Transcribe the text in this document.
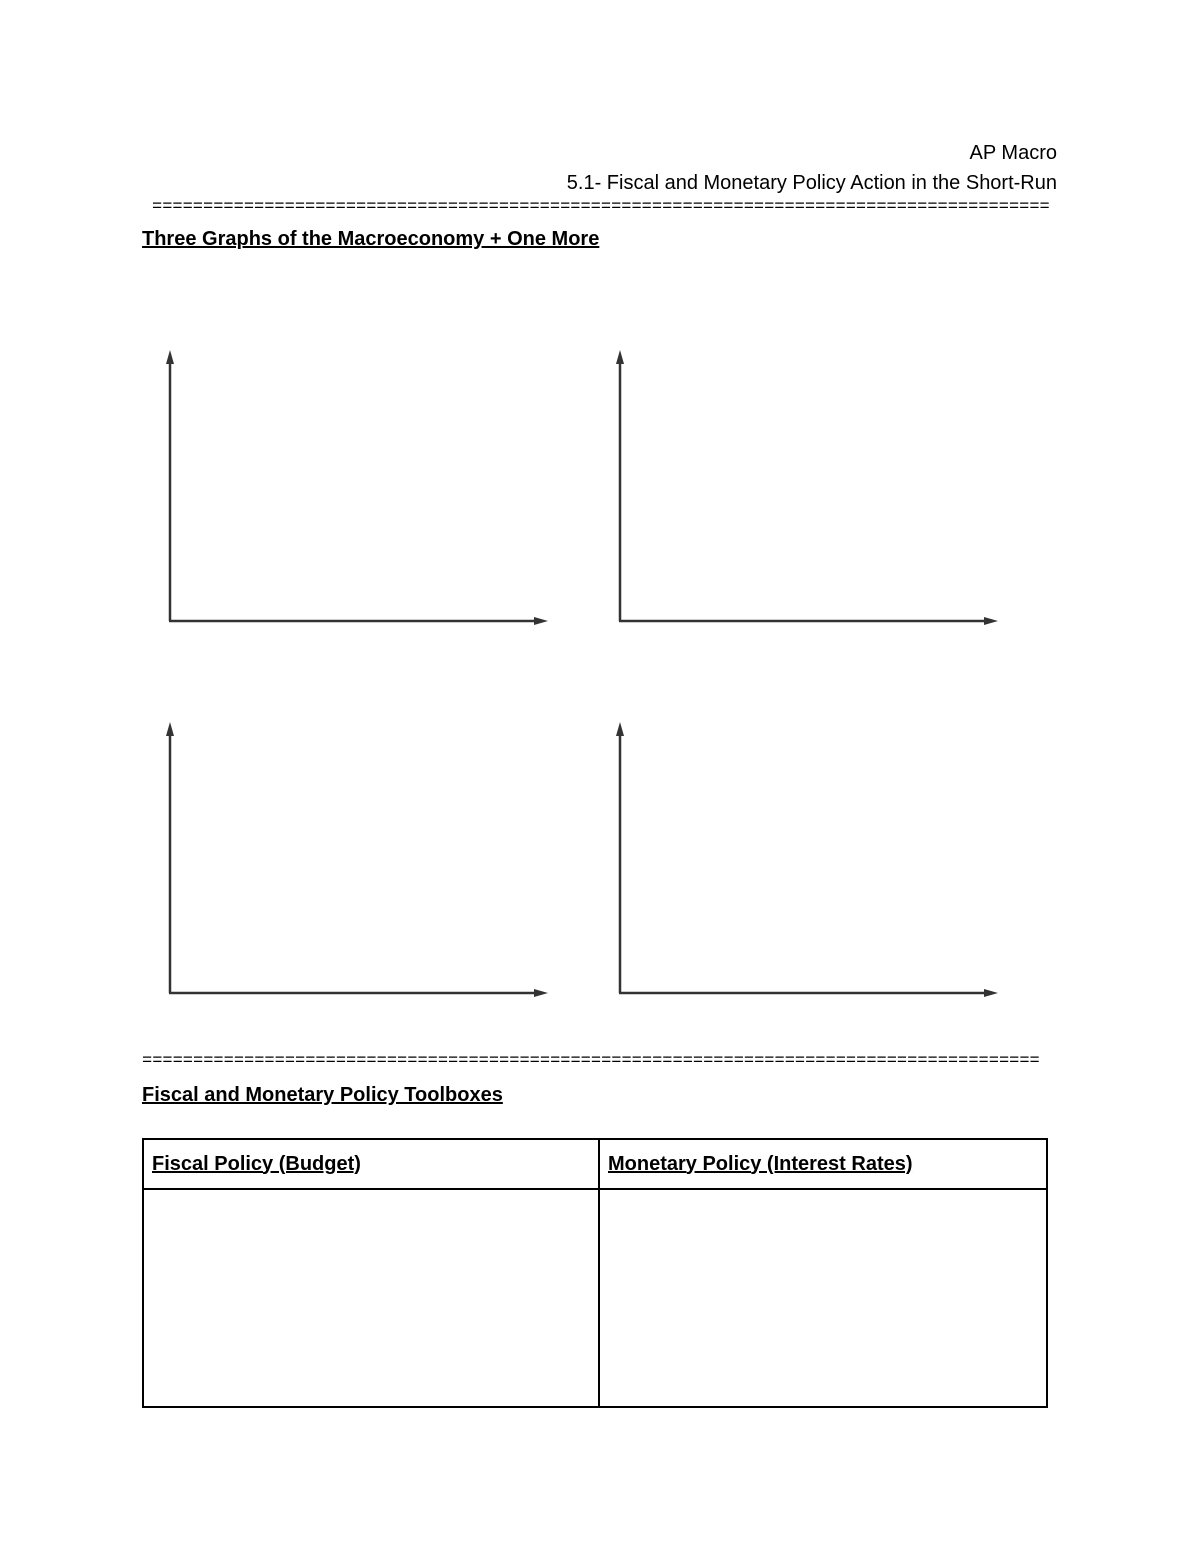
AP Macro
5.1- Fiscal and Monetary Policy Action in the Short-Run
========================================================================================
Three Graphs of the Macroeconomy + One More
========================================================================================
Fiscal and Monetary Policy Toolboxes
Fiscal Policy (Budget)	Monetary Policy (Interest Rates)
